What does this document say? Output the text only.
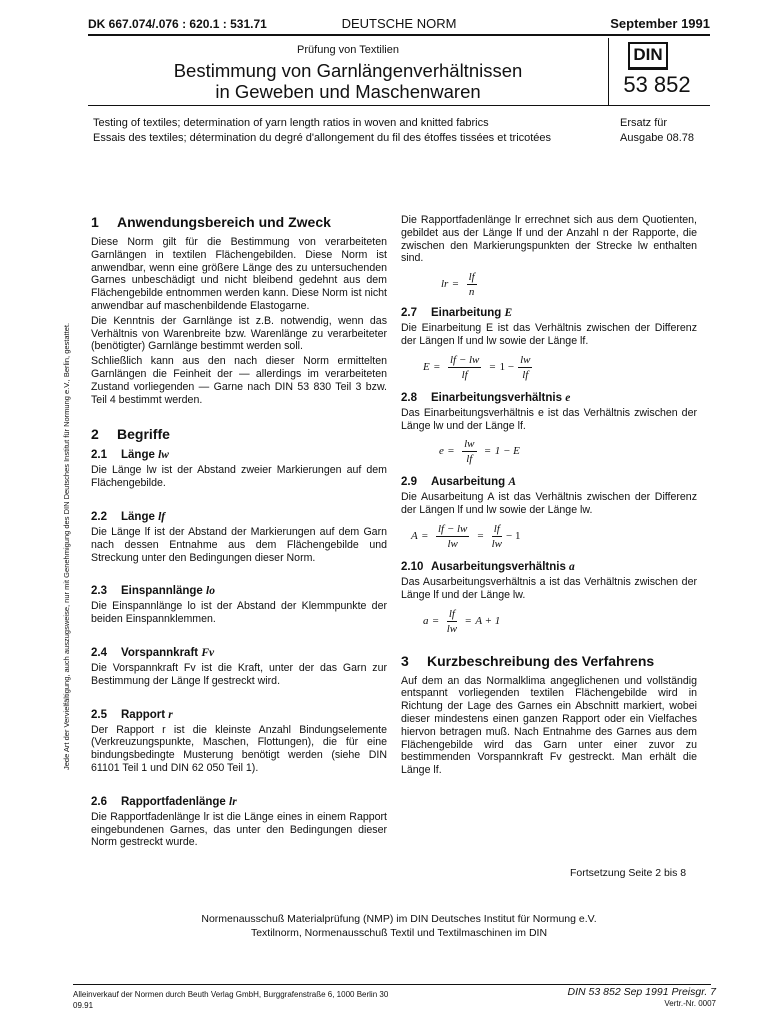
Jede Art der Vervielfältigung, auch auszugsweise, nur mit Genehmigung des DIN Deutsches Institut für Normung e.V., Berlin, gestattet.
DK 667.074/.076 : 620.1 : 531.71	DEUTSCHE NORM	September 1991
Prüfung von Textilien
Bestimmung von Garnlängenverhältnissen
in Geweben und Maschenwaren
DIN
53 852
Testing of textiles; determination of yarn length ratios in woven and knitted fabrics
Essais des textiles; détermination du degré d'allongement du fil des étoffes tissées et tricotées
Ersatz für
Ausgabe 08.78
1 Anwendungsbereich und Zweck

Diese Norm gilt für die Bestimmung von verarbeiteten Garnlängen in textilen Flächengebilden. Diese Norm ist anwendbar, wenn eine größere Länge des zu untersuchenden Garnes unbeschädigt und nicht bleibend gedehnt aus dem Flächengebilde entnommen werden kann. Diese Norm ist nicht anwendbar auf maschenbildende Elastogarne.

Die Kenntnis der Garnlänge ist z.B. notwendig, wenn das Verhältnis von Warenbreite bzw. Warenlänge zu verarbeiteter (benötigter) Garnlänge bestimmt werden soll.

Schließlich kann aus den nach dieser Norm ermittelten Garnlängen die Feinheit der — allerdings im verarbeiteten Zustand vorliegenden — Garne nach DIN 53 830 Teil 3 bzw. Teil 4 bestimmt werden.

2 Begriffe
2.1 Länge lw

Die Länge lw ist der Abstand zweier Markierungen auf dem Flächengebilde.

2.2 Länge lf

Die Länge lf ist der Abstand der Markierungen auf dem Garn nach dessen Entnahme aus dem Flächengebilde und Streckung unter den Bedingungen dieser Norm.

2.3 Einspannlänge lo

Die Einspannlänge lo ist der Abstand der Klemmpunkte der beiden Einspannklemmen.

2.4 Vorspannkraft Fv

Die Vorspannkraft Fv ist die Kraft, unter der das Garn zur Bestimmung der Länge lf gestreckt wird.

2.5 Rapport r

Der Rapport r ist die kleinste Anzahl Bindungselemente (Verkreuzungspunkte, Maschen, Flottungen), die für eine bindungsbedingte Musterung benötigt werden (siehe DIN 61101 Teil 1 und DIN 62 050 Teil 1).

2.6 Rapportfadenlänge lr

Die Rapportfadenlänge lr ist die Länge eines in einem Rapport eingebundenen Garnes, das unter den Bedingungen dieser Norm gestreckt wurde.

Die Rapportfadenlänge lr errechnet sich aus dem Quotienten, gebildet aus der Länge lf und der Anzahl n der Rapporte, die zwischen den Markierungspunkten der Strecke lw enthalten sind.

lr = $\frac{lf}{n}$
2.7 Einarbeitung E

Die Einarbeitung E ist das Verhältnis zwischen der Differenz der Längen lf und lw sowie der Länge lf.

$E = \frac{lf - lw}{lf} = 1 - \frac{lw}{lf}$
2.8 Einarbeitungsverhältnis e

Das Einarbeitungsverhältnis e ist das Verhältnis zwischen der Länge lw und der Länge lf.

$e = \frac{lw}{lf} = 1 - E$
2.9 Ausarbeitung A

Die Ausarbeitung A ist das Verhältnis zwischen der Differenz der Längen lf und lw sowie der Länge lw.

$A = \frac{lf - lw}{lw} = \frac{lf}{lw} - 1$
2.10 Ausarbeitungsverhältnis a

Das Ausarbeitungsverhältnis a ist das Verhältnis zwischen der Länge lf und der Länge lw.

$a = \frac{lf}{lw} = A + 1$
3 Kurzbeschreibung des Verfahrens

Auf dem an das Normalklima angeglichenen und vollständig entspannt vorliegenden textilen Flächengebilde wird in Richtung der Lage des Garnes ein Abschnitt markiert, wobei dieser mindestens einen ganzen Rapport oder ein Vielfaches hiervon betragen muß. Nach Entnahme des Garnes aus dem Flächengebilde wird das Garn unter einer zuvor zu bestimmenden Vorspannkraft Fv gestreckt. Man erhält die Länge lf.

Fortsetzung Seite 2 bis 8
Normenausschuß Materialprüfung (NMP) im DIN Deutsches Institut für Normung e.V.
Textilnorm, Normenausschuß Textil und Textilmaschinen im DIN
Alleinverkauf der Normen durch Beuth Verlag GmbH, Burggrafenstraße 6, 1000 Berlin 30
09.91
DIN 53 852 Sep 1991 Preisgr. 7
Vertr.-Nr. 0007
